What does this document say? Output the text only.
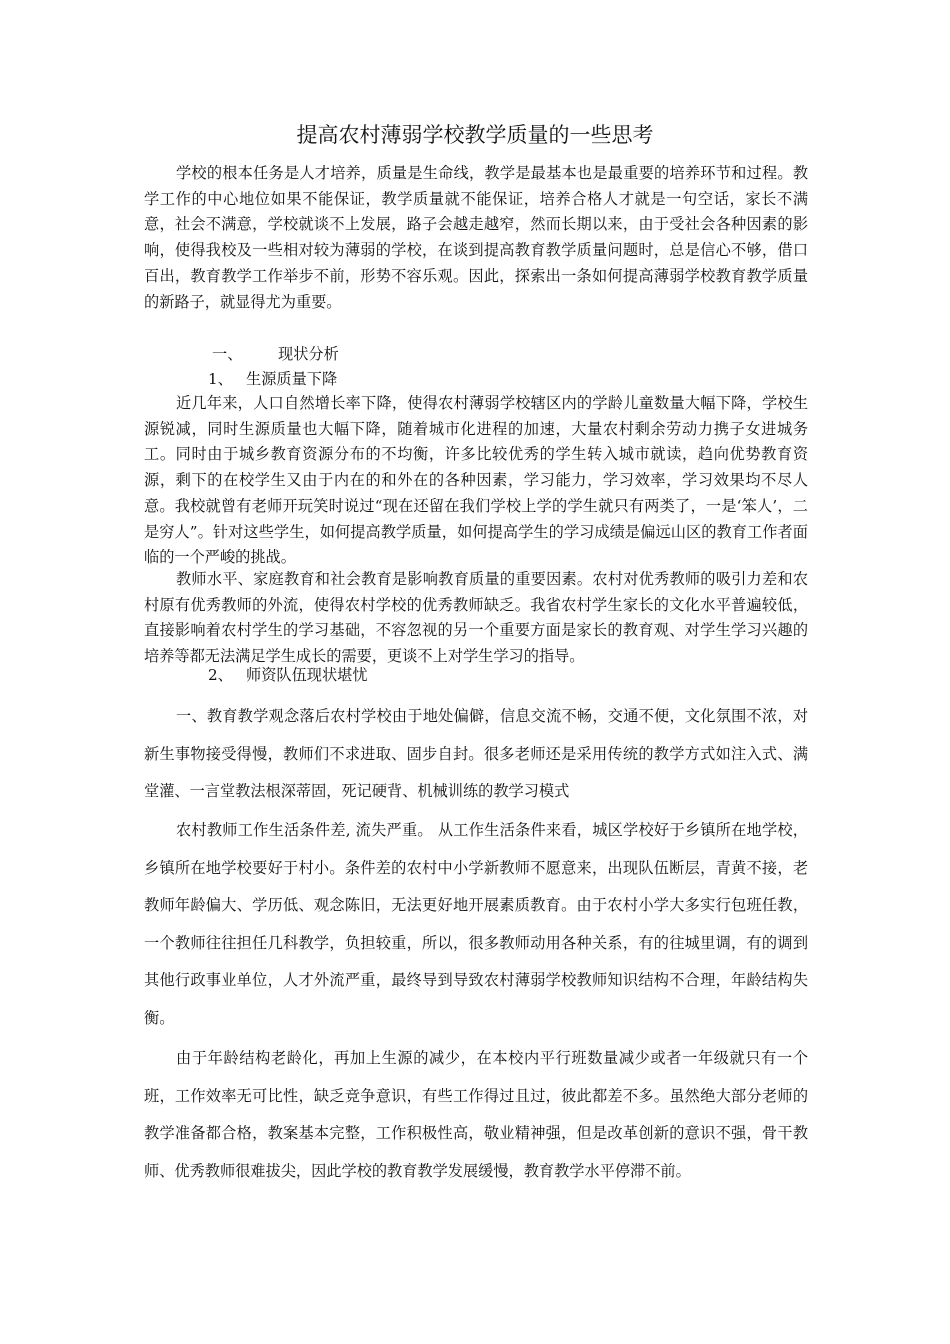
提高农村薄弱学校教学质量的一些思考

学校的根本任务是人才培养，质量是生命线，教学是最基本也是最重要的培养环节和过程。教学工作的中心地位如果不能保证，教学质量就不能保证，培养合格人才就是一句空话，家长不满意，社会不满意，学校就谈不上发展，路子会越走越窄，然而长期以来，由于受社会各种因素的影响，使得我校及一些相对较为薄弱的学校，在谈到提高教育教学质量问题时，总是信心不够，借口百出，教育教学工作举步不前，形势不容乐观。因此，探索出一条如何提高薄弱学校教育教学质量的新路子，就显得尤为重要。

一、 现状分析
1、 生源质量下降

近几年来，人口自然增长率下降，使得农村薄弱学校辖区内的学龄儿童数量大幅下降，学校生源锐减，同时生源质量也大幅下降，随着城市化进程的加速，大量农村剩余劳动力携子女进城务工。同时由于城乡教育资源分布的不均衡，许多比较优秀的学生转入城市就读，趋向优势教育资源，剩下的在校学生又由于内在的和外在的各种因素，学习能力，学习效率，学习效果均不尽人意。我校就曾有老师开玩笑时说过“现在还留在我们学校上学的学生就只有两类了，一是‘笨人’，二是穷人”。针对这些学生，如何提高教学质量，如何提高学生的学习成绩是偏远山区的教育工作者面临的一个严峻的挑战。

教师水平、家庭教育和社会教育是影响教育质量的重要因素。农村对优秀教师的吸引力差和农村原有优秀教师的外流，使得农村学校的优秀教师缺乏。我省农村学生家长的文化水平普遍较低，直接影响着农村学生的学习基础，不容忽视的另一个重要方面是家长的教育观、对学生学习兴趣的培养等都无法满足学生成长的需要，更谈不上对学生学习的指导。

2、 师资队伍现状堪忧

一、教育教学观念落后农村学校由于地处偏僻，信息交流不畅，交通不便，文化氛围不浓，对新生事物接受得慢，教师们不求进取、固步自封。很多老师还是采用传统的教学方式如注入式、满堂灌、一言堂教法根深蒂固，死记硬背、机械训练的教学习模式

农村教师工作生活条件差, 流失严重。 从工作生活条件来看，城区学校好于乡镇所在地学校，乡镇所在地学校要好于村小。条件差的农村中小学新教师不愿意来，出现队伍断层，青黄不接，老教师年龄偏大、学历低、观念陈旧，无法更好地开展素质教育。由于农村小学大多实行包班任教，一个教师往往担任几科教学，负担较重，所以，很多教师动用各种关系，有的往城里调，有的调到其他行政事业单位，人才外流严重，最终导到导致农村薄弱学校教师知识结构不合理，年龄结构失衡。

由于年龄结构老龄化，再加上生源的减少，在本校内平行班数量减少或者一年级就只有一个班，工作效率无可比性，缺乏竞争意识，有些工作得过且过，彼此都差不多。虽然绝大部分老师的教学准备都合格，教案基本完整，工作积极性高，敬业精神强，但是改革创新的意识不强，骨干教师、优秀教师很难拔尖，因此学校的教育教学发展缓慢，教育教学水平停滞不前。
